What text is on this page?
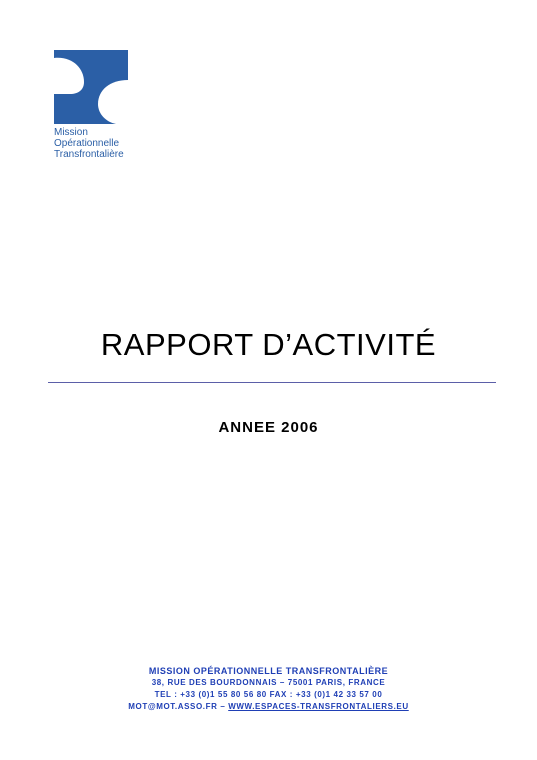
Mission
Opérationnelle
Transfrontalière
RAPPORT D’ACTIVITÉ
ANNEE 2006
MISSION OPÉRATIONNELLE TRANSFRONTALIÈRE
38, RUE DES BOURDONNAIS – 75001 PARIS, FRANCE
TEL : +33 (0)1 55 80 56 80 FAX : +33 (0)1 42 33 57 00
MOT@MOT.ASSO.FR – WWW.ESPACES-TRANSFRONTALIERS.EU
